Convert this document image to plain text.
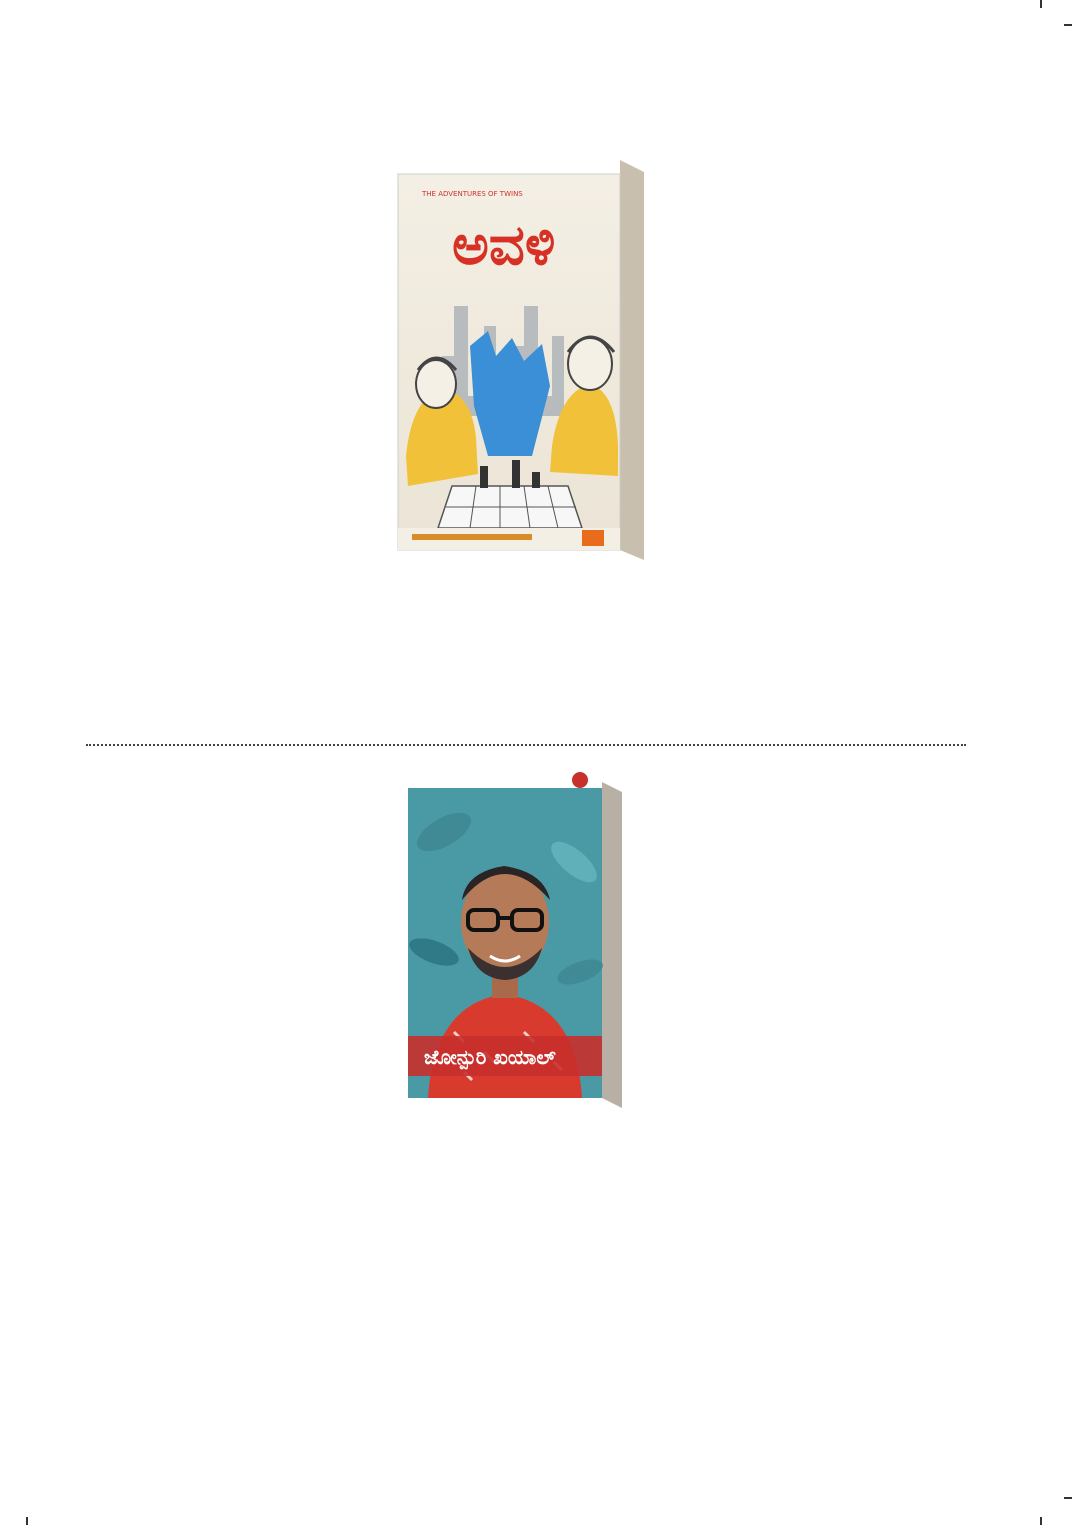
ಅವಳಿ
THE ADVENTURES OF TWINS

ಜೋನ್ಪುರಿ ಖಯಾಲ್
